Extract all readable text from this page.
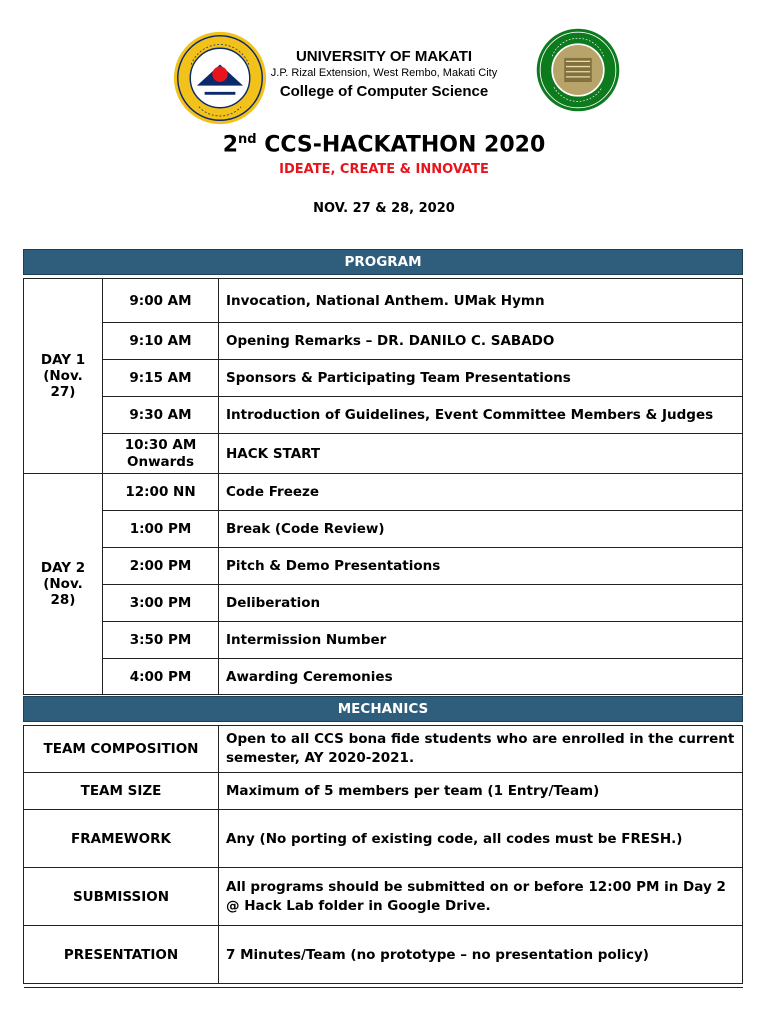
UNIVERSITY OF MAKATI
J.P. Rizal Extension, West Rembo, Makati City
College of Computer Science
2nd CCS-HACKATHON 2020
IDEATE, CREATE & INNOVATE
NOV. 27 & 28, 2020
PROGRAM		

DAY 1
(Nov. 27)	9:00 AM	Invocation, National Anthem. UMak Hymn
	9:10 AM	Opening Remarks – DR. DANILO C. SABADO
	9:15 AM	Sponsors & Participating Team Presentations
	9:30 AM	Introduction of Guidelines, Event Committee Members & Judges
	10:30 AM Onwards	HACK START
DAY 2
(Nov. 28)	12:00 NN	Code Freeze
	1:00 PM	Break (Code Review)
	2:00 PM	Pitch & Demo Presentations
	3:00 PM	Deliberation
	3:50 PM	Intermission Number
	4:00 PM	Awarding Ceremonies
MECHANICS	

TEAM COMPOSITION	Open to all CCS bona fide students who are enrolled in the current semester, AY 2020-2021.
TEAM SIZE	Maximum of 5 members per team (1 Entry/Team)
FRAMEWORK	Any (No porting of existing code, all codes must be FRESH.)
SUBMISSION	All programs should be submitted on or before 12:00 PM in Day 2 @ Hack Lab folder in Google Drive.
PRESENTATION	7 Minutes/Team (no prototype – no presentation policy)
